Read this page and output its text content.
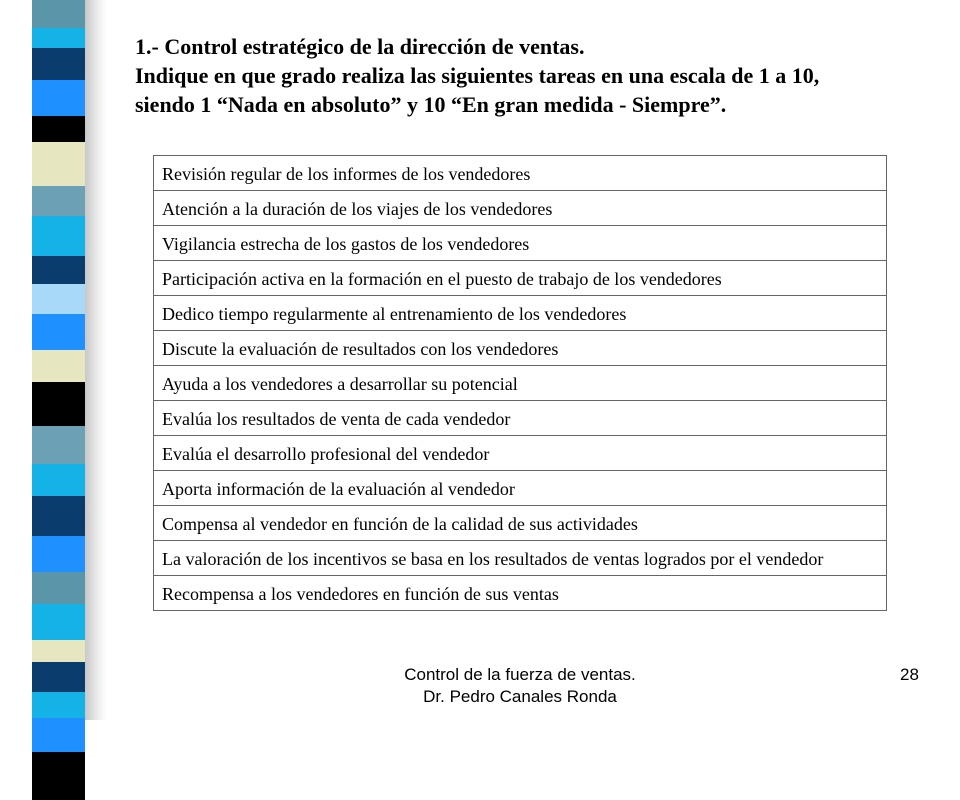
1.- Control estratégico de la dirección de ventas.
Indique en que grado realiza las siguientes tareas en una escala de 1 a 10,
siendo 1 “Nada en absoluto” y 10 “En gran medida - Siempre”.
Revisión regular de los informes de los vendedores
Atención a la duración de los viajes de los vendedores
Vigilancia estrecha de los gastos de los vendedores
Participación activa en la formación en el puesto de trabajo de los vendedores
Dedico tiempo regularmente al entrenamiento de los vendedores
Discute la evaluación de resultados con los vendedores
Ayuda a los vendedores a desarrollar su potencial
Evalúa los resultados de venta de cada vendedor
Evalúa el desarrollo profesional del vendedor
Aporta información de la evaluación al vendedor
Compensa al vendedor en función de la calidad de sus actividades
La valoración de los incentivos se basa en los resultados de ventas logrados por el vendedor
Recompensa a los vendedores en función de sus ventas
Control de la fuerza de ventas.
Dr. Pedro Canales Ronda
28
